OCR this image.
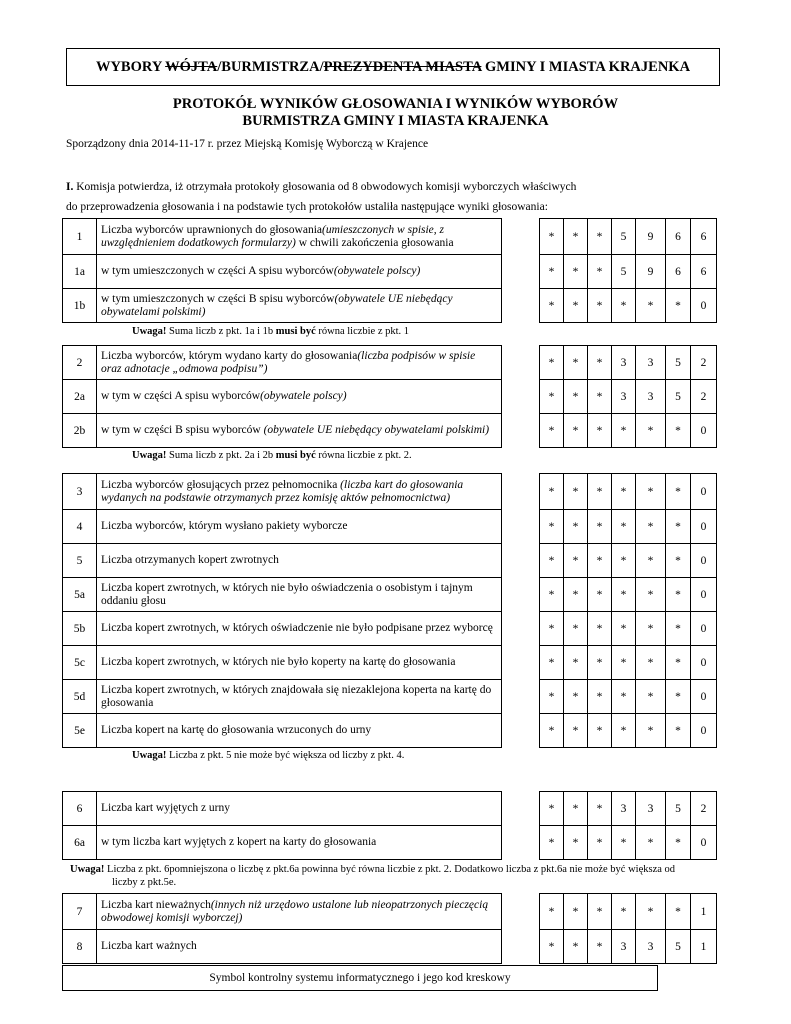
WYBORY WÓJTA/BURMISTRZA/PREZYDENTA MIASTA GMINY I MIASTA KRAJENKA
PROTOKÓŁ WYNIKÓW GŁOSOWANIA I WYNIKÓW WYBORÓW
BURMISTRZA GMINY I MIASTA KRAJENKA
Sporządzony dnia 2014-11-17 r. przez Miejską Komisję Wyborczą w Krajence
I. Komisja potwierdza, iż otrzymała protokoły głosowania od 8 obwodowych komisji wyborczych właściwych
do przeprowadzenia głosowania i na podstawie tych protokołów ustaliła następujące wyniki głosowania:
1	Liczba wyborców uprawnionych do głosowania(umieszczonych w spisie, z uwzględnieniem dodatkowych formularzy) w chwili zakończenia głosowania		*	*	*	5	9	6	6
1a	w tym umieszczonych w części A spisu wyborców(obywatele polscy)		*	*	*	5	9	6	6
1b	w tym umieszczonych w części B spisu wyborców(obywatele UE niebędący obywatelami polskimi)		*	*	*	*	*	*	0
Uwaga! Suma liczb z pkt. 1a i 1b musi być równa liczbie z pkt. 1
2	Liczba wyborców, którym wydano karty do głosowania(liczba podpisów w spisie oraz adnotacje „odmowa podpisu”)		*	*	*	3	3	5	2
2a	w tym w części A spisu wyborców(obywatele polscy)		*	*	*	3	3	5	2
2b	w tym w części B spisu wyborców (obywatele UE niebędący obywatelami polskimi)		*	*	*	*	*	*	0
Uwaga! Suma liczb z pkt. 2a i 2b musi być równa liczbie z pkt. 2.
3	Liczba wyborców głosujących przez pełnomocnika (liczba kart do głosowania wydanych na podstawie otrzymanych przez komisję aktów pełnomocnictwa)		*	*	*	*	*	*	0
4	Liczba wyborców, którym wysłano pakiety wyborcze		*	*	*	*	*	*	0
5	Liczba otrzymanych kopert zwrotnych		*	*	*	*	*	*	0
5a	Liczba kopert zwrotnych, w których nie było oświadczenia o osobistym i tajnym oddaniu głosu		*	*	*	*	*	*	0
5b	Liczba kopert zwrotnych, w których oświadczenie nie było podpisane przez wyborcę		*	*	*	*	*	*	0
5c	Liczba kopert zwrotnych, w których nie było koperty na kartę do głosowania		*	*	*	*	*	*	0
5d	Liczba kopert zwrotnych, w których znajdowała się niezaklejona koperta na kartę do głosowania		*	*	*	*	*	*	0
5e	Liczba kopert na kartę do głosowania wrzuconych do urny		*	*	*	*	*	*	0
Uwaga! Liczba z pkt. 5 nie może być większa od liczby z pkt. 4.
6	Liczba kart wyjętych z urny		*	*	*	3	3	5	2
6a	w tym liczba kart wyjętych z kopert na karty do głosowania		*	*	*	*	*	*	0
Uwaga! Liczba z pkt. 6pomniejszona o liczbę z pkt.6a powinna być równa liczbie z pkt. 2. Dodatkowo liczba z pkt.6a nie może być większa od
liczby z pkt.5e.
7	Liczba kart nieważnych(innych niż urzędowo ustalone lub nieopatrzonych pieczęcią obwodowej komisji wyborczej)		*	*	*	*	*	*	1
8	Liczba kart ważnych		*	*	*	3	3	5	1
Symbol kontrolny systemu informatycznego i jego kod kreskowy
